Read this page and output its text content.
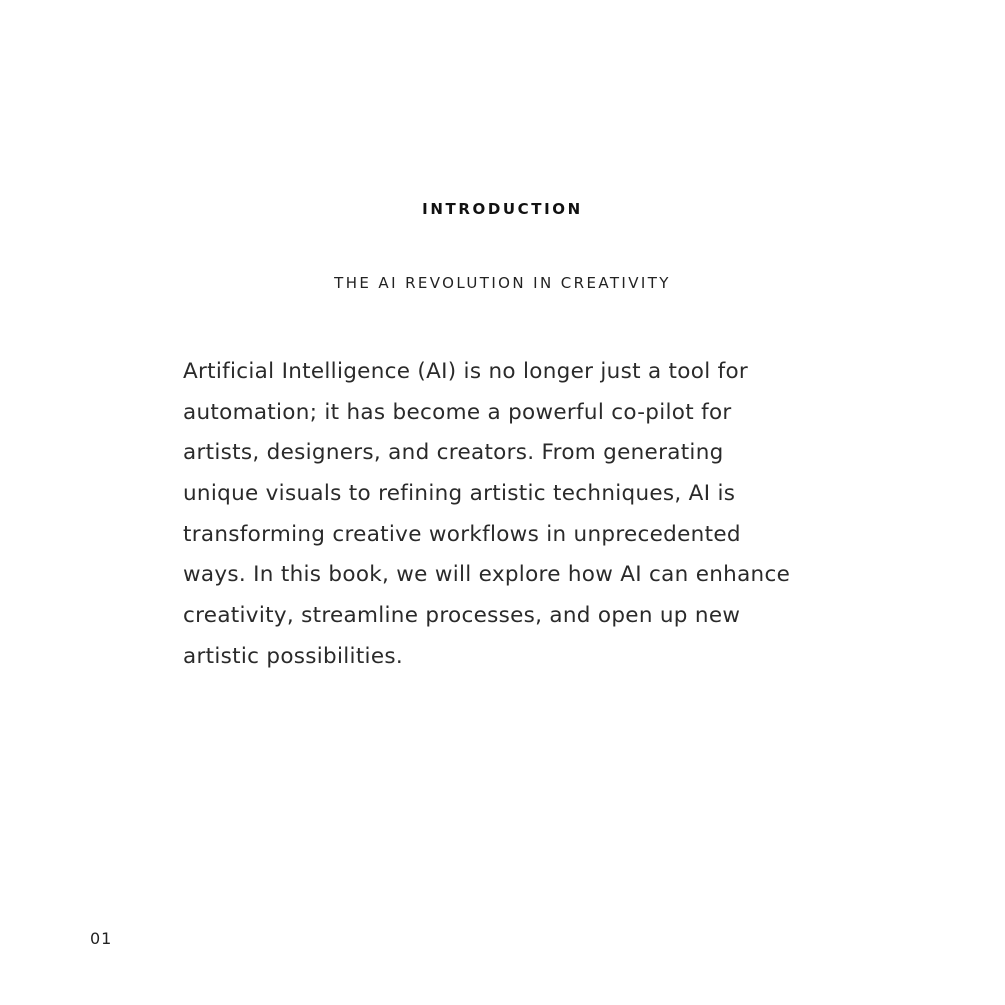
INTRODUCTION
THE AI REVOLUTION IN CREATIVITY
Artificial Intelligence (AI) is no longer just a tool for
automation; it has become a powerful co-pilot for
artists, designers, and creators. From generating
unique visuals to refining artistic techniques, AI is
transforming creative workflows in unprecedented
ways. In this book, we will explore how AI can enhance
creativity, streamline processes, and open up new
artistic possibilities.
01
